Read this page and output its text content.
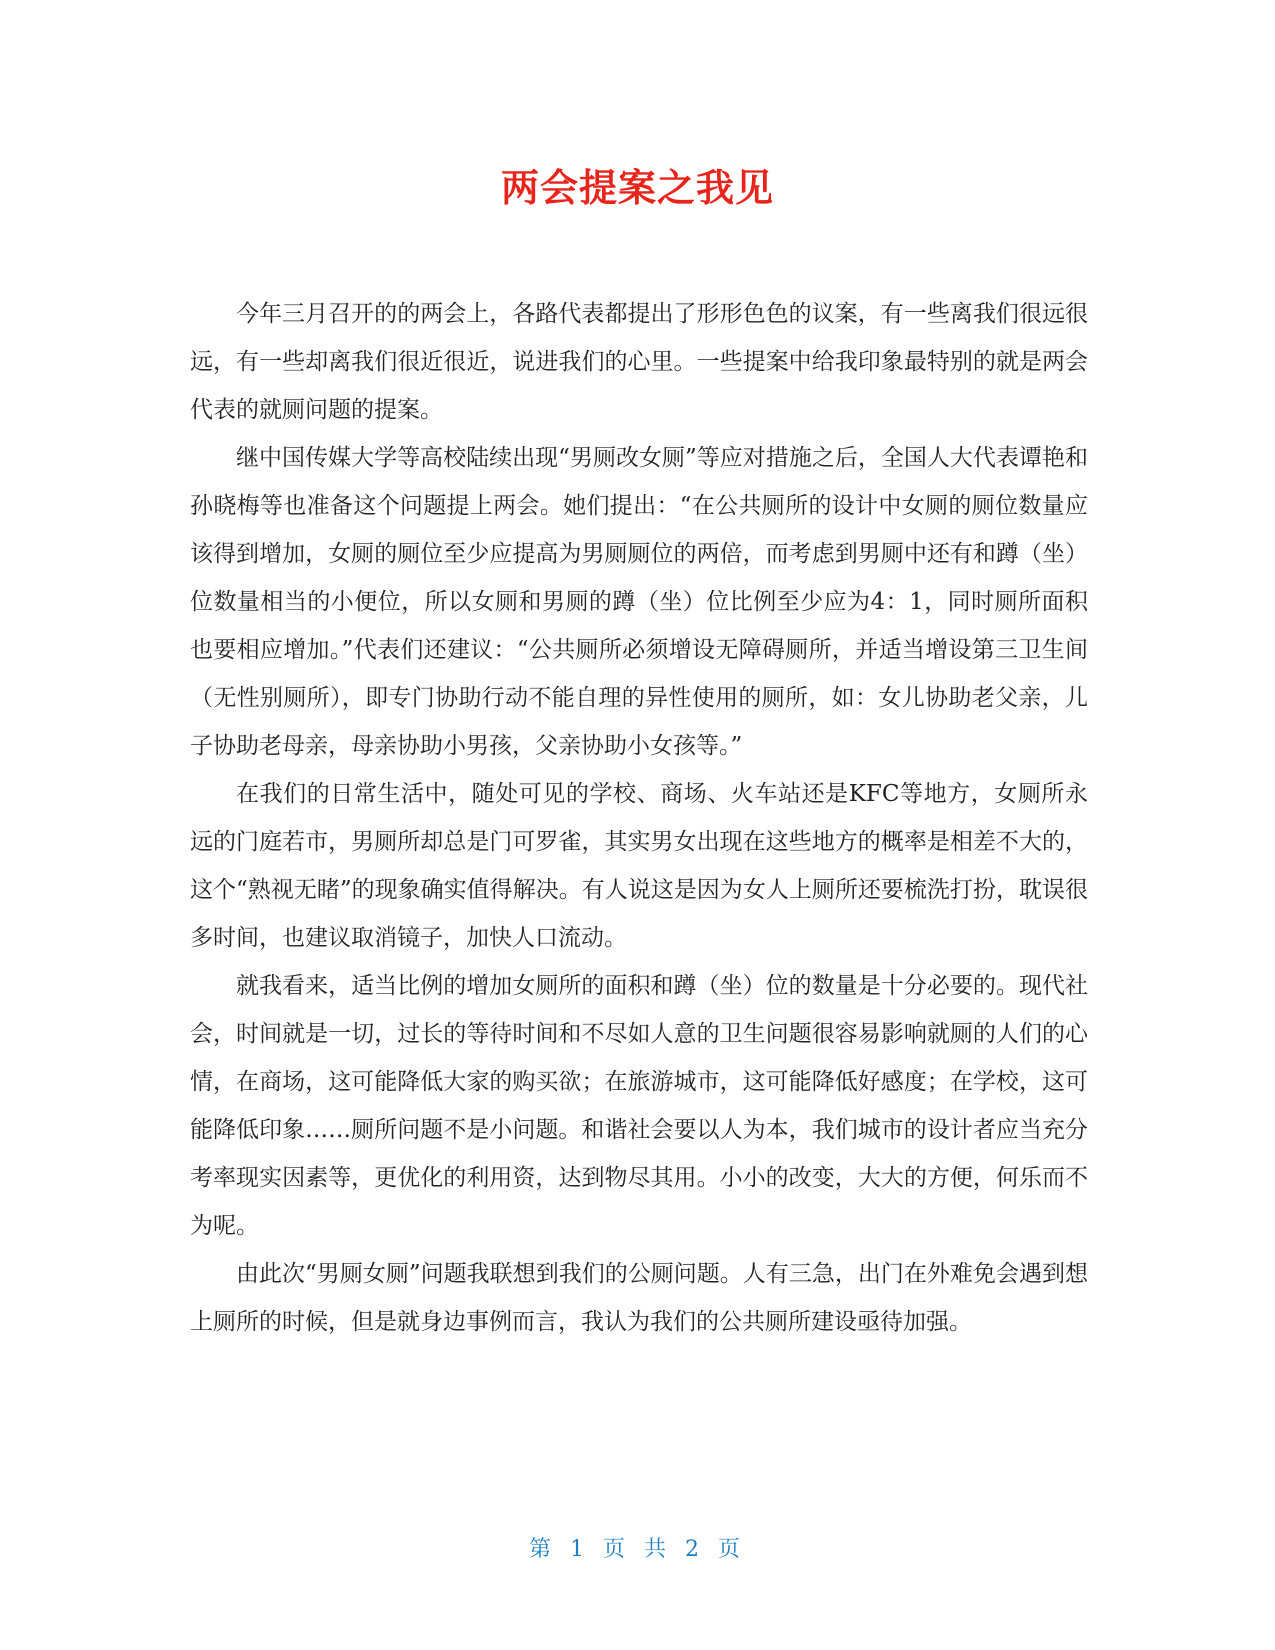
两会提案之我见

今年三月召开的的两会上，各路代表都提出了形形色色的议案，有一些离我们很远很远，有一些却离我们很近很近，说进我们的心里。一些提案中给我印象最特别的就是两会代表的就厕问题的提案。

继中国传媒大学等高校陆续出现“男厕改女厕”等应对措施之后，全国人大代表谭艳和孙晓梅等也准备这个问题提上两会。她们提出：“在公共厕所的设计中女厕的厕位数量应该得到增加，女厕的厕位至少应提高为男厕厕位的两倍，而考虑到男厕中还有和蹲（坐）位数量相当的小便位，所以女厕和男厕的蹲（坐）位比例至少应为4：1，同时厕所面积也要相应增加。”代表们还建议：“公共厕所必须增设无障碍厕所，并适当增设第三卫生间（无性别厕所），即专门协助行动不能自理的异性使用的厕所，如：女儿协助老父亲，儿子协助老母亲，母亲协助小男孩，父亲协助小女孩等。”

在我们的日常生活中，随处可见的学校、商场、火车站还是KFC等地方，女厕所永远的门庭若市，男厕所却总是门可罗雀，其实男女出现在这些地方的概率是相差不大的，这个“熟视无睹”的现象确实值得解决。有人说这是因为女人上厕所还要梳洗打扮，耽误很多时间，也建议取消镜子，加快人口流动。

就我看来，适当比例的增加女厕所的面积和蹲（坐）位的数量是十分必要的。现代社会，时间就是一切，过长的等待时间和不尽如人意的卫生问题很容易影响就厕的人们的心情，在商场，这可能降低大家的购买欲；在旅游城市，这可能降低好感度；在学校，这可能降低印象……厕所问题不是小问题。和谐社会要以人为本，我们城市的设计者应当充分考率现实因素等，更优化的利用资，达到物尽其用。小小的改变，大大的方便，何乐而不为呢。

由此次“男厕女厕”问题我联想到我们的公厕问题。人有三急，出门在外难免会遇到想上厕所的时候，但是就身边事例而言，我认为我们的公共厕所建设亟待加强。

第 1 页 共 2 页
